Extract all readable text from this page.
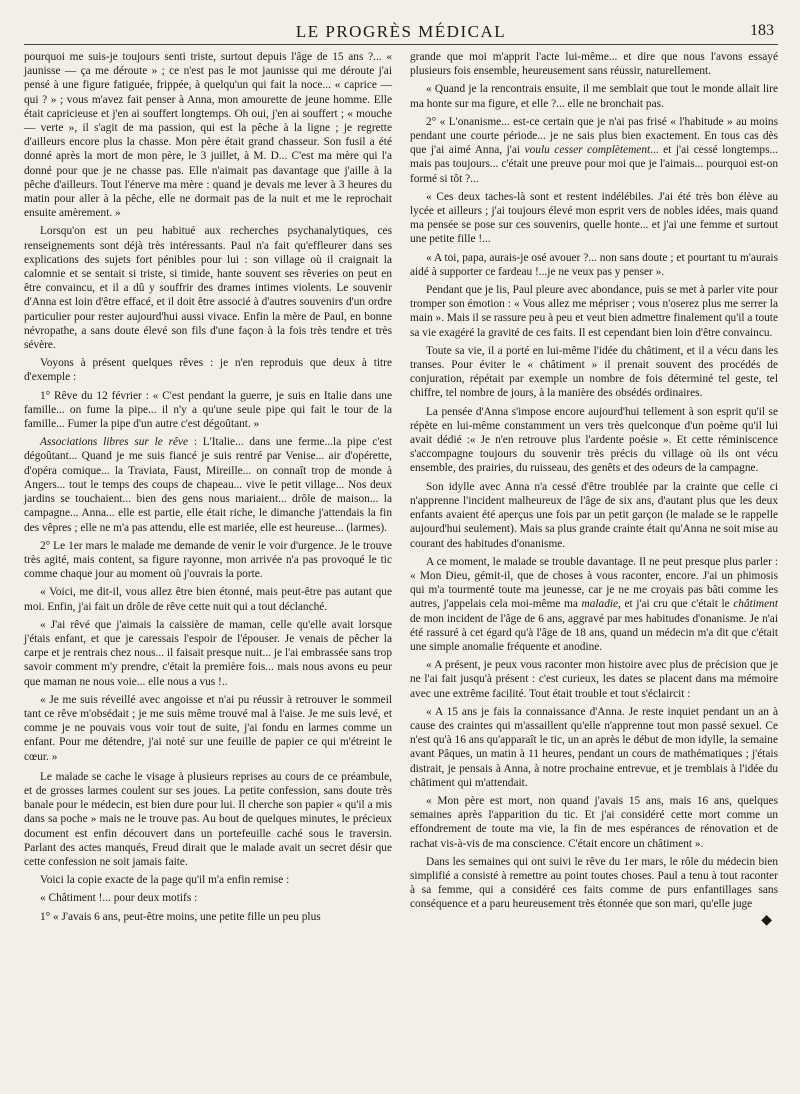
LE PROGRÈS MÉDICAL	183

pourquoi me suis-je toujours senti triste, surtout depuis l'âge de 15 ans ?... « jaunisse — ça me déroute » ; ce n'est pas le mot jaunisse qui me déroute j'ai pensé à une figure fatiguée, frippée, à quelqu'un qui fait la noce... « caprice — qui ? » ; vous m'avez fait penser à Anna, mon amourette de jeune homme. Elle était capricieuse et j'en ai souffert longtemps. Oh oui, j'en ai souffert ; « mouche — verte », il s'agit de ma passion, qui est la pêche à la ligne ; je regrette d'ailleurs encore plus la chasse. Mon père était grand chasseur. Son fusil a été donné après la mort de mon père, le 3 juillet, à M. D... C'est ma mère qui l'a donné pour que je ne chasse pas. Elle n'aimait pas davantage que j'aille à la pêche d'ailleurs. Tout l'énerve ma mère : quand je devais me lever à 3 heures du matin pour aller à la pêche, elle ne dormait pas de la nuit et me le reprochait ensuite amèrement. »

Lorsqu'on est un peu habitué aux recherches psychanalytiques, ces renseignements sont déjà très intéressants. Paul n'a fait qu'effleurer dans ses explications des sujets fort pénibles pour lui : son village où il craignait la calomnie et se sentait si triste, si timide, hante souvent ses rêveries on peut en être convaincu, et il a dû y souffrir des drames intimes violents. Le souvenir d'Anna est loin d'être effacé, et il doit être associé à d'autres souvenirs d'un ordre particulier pour rester aujourd'hui aussi vivace. Enfin la mère de Paul, en bonne névropathe, a sans doute élevé son fils d'une façon à la fois très tendre et très sévère.

Voyons à présent quelques rêves : je n'en reproduis que deux à titre d'exemple :

1° Rêve du 12 février : « C'est pendant la guerre, je suis en Italie dans une famille... on fume la pipe... il n'y a qu'une seule pipe qui fait le tour de la famille... Fumer la pipe d'un autre c'est dégoûtant. »

Associations libres sur le rêve : L'Italie... dans une ferme...la pipe c'est dégoûtant... Quand je me suis fiancé je suis rentré par Venise... air d'opérette, d'opéra comique... la Traviata, Faust, Mireille... on connaît trop de monde à Angers... tout le temps des coups de chapeau... vive le petit village... Nos deux jardins se touchaient... bien des gens nous mariaient... drôle de maison... la campagne... Anna... elle est partie, elle était riche, le dimanche j'attendais la fin des vêpres ; elle ne m'a pas attendu, elle est mariée, elle est heureuse... (larmes).

2° Le 1er mars le malade me demande de venir le voir d'urgence. Je le trouve très agité, mais content, sa figure rayonne, mon arrivée n'a pas provoqué le tic comme chaque jour au moment où j'ouvrais la porte.

« Voici, me dit-il, vous allez être bien étonné, mais peut-être pas autant que moi. Enfin, j'ai fait un drôle de rêve cette nuit qui a tout déclanché.

« J'ai rêvé que j'aimais la caissière de maman, celle qu'elle avait lorsque j'étais enfant, et que je caressais l'espoir de l'épouser. Je venais de pêcher la carpe et je rentrais chez nous... il faisait presque nuit... je l'ai embrassée sans trop savoir comment m'y prendre, c'était la première fois... mais nous avons eu peur que maman ne nous voie... elle nous a vus !..

« Je me suis réveillé avec angoisse et n'ai pu réussir à retrouver le sommeil tant ce rêve m'obsédait ; je me suis même trouvé mal à l'aise. Je me suis levé, et comme je ne pouvais vous voir tout de suite, j'ai fondu en larmes comme un enfant. Pour me détendre, j'ai noté sur une feuille de papier ce qui m'étreint le cœur. »

Le malade se cache le visage à plusieurs reprises au cours de ce préambule, et de grosses larmes coulent sur ses joues. La petite confession, sans doute très banale pour le médecin, est bien dure pour lui. Il cherche son papier « qu'il a mis dans sa poche » mais ne le trouve pas. Au bout de quelques minutes, le précieux document est enfin découvert dans un portefeuille caché sous le traversin. Parlant des actes manqués, Freud dirait que le malade avait un secret désir que cette confession ne soit jamais faite.

Voici la copie exacte de la page qu'il m'a enfin remise :

« Châtiment !... pour deux motifs :

1° « J'avais 6 ans, peut-être moins, une petite fille un peu plus

grande que moi m'apprit l'acte lui-même... et dire que nous l'avons essayé plusieurs fois ensemble, heureusement sans réussir, naturellement.

« Quand je la rencontrais ensuite, il me semblait que tout le monde allait lire ma honte sur ma figure, et elle ?... elle ne bronchait pas.

2° « L'onanisme... est-ce certain que je n'ai pas frisé « l'habitude » au moins pendant une courte période... je ne sais plus bien exactement. En tous cas dès que j'ai aimé Anna, j'ai voulu cesser complètement... et j'ai cessé longtemps... mais pas toujours... c'était une preuve pour moi que je l'aimais... pourquoi est-on formé si tôt ?...

« Ces deux taches-là sont et restent indélébiles. J'ai été très bon élève au lycée et ailleurs ; j'ai toujours élevé mon esprit vers de nobles idées, mais quand ma pensée se pose sur ces souvenirs, quelle honte... et j'ai une femme et surtout une petite fille !...

« A toi, papa, aurais-je osé avouer ?... non sans doute ; et pourtant tu m'aurais aidé à supporter ce fardeau !...je ne veux pas y penser ».

Pendant que je lis, Paul pleure avec abondance, puis se met à parler vite pour tromper son émotion : « Vous allez me mépriser ; vous n'oserez plus me serrer la main ». Mais il se rassure peu à peu et veut bien admettre finalement qu'il a toute sa vie exagéré la gravité de ces faits. Il est cependant bien loin d'être convaincu.

Toute sa vie, il a porté en lui-même l'idée du châtiment, et il a vécu dans les transes. Pour éviter le « châtiment » il prenait souvent des procédés de conjuration, répétait par exemple un nombre de fois déterminé tel geste, tel chiffre, tel nombre de jours, à la manière des obsédés ordinaires.

La pensée d'Anna s'impose encore aujourd'hui tellement à son esprit qu'il se répète en lui-même constamment un vers très quelconque d'un poème qu'il lui avait dédié :« Je n'en retrouve plus l'ardente poésie ». Et cette réminiscence s'accompagne toujours du souvenir très précis du village où ils ont vécu ensemble, des prairies, du ruisseau, des genêts et des odeurs de la campagne.

Son idylle avec Anna n'a cessé d'être troublée par la crainte que celle ci n'apprenne l'incident malheureux de l'âge de six ans, d'autant plus que les deux enfants avaient été aperçus une fois par un petit garçon (le malade se le rappelle aujourd'hui seulement). Mais sa plus grande crainte était qu'Anna ne soit mise au courant des habitudes d'onanisme.

A ce moment, le malade se trouble davantage. Il ne peut presque plus parler : « Mon Dieu, gémit-il, que de choses à vous raconter, encore. J'ai un phimosis qui m'a tourmenté toute ma jeunesse, car je ne me croyais pas bâti comme les autres, j'appelais cela moi-même ma maladie, et j'ai cru que c'était le châtiment de mon incident de l'âge de 6 ans, aggravé par mes habitudes d'onanisme. Je n'ai été rassuré à cet égard qu'à l'âge de 18 ans, quand un médecin m'a dit que c'était une simple anomalie fréquente et anodine.

« A présent, je peux vous raconter mon histoire avec plus de précision que je ne l'ai fait jusqu'à présent : c'est curieux, les dates se placent dans ma mémoire avec une extrême facilité. Tout était trouble et tout s'éclaircit :

« A 15 ans je fais la connaissance d'Anna. Je reste inquiet pendant un an à cause des craintes qui m'assaillent qu'elle n'apprenne tout mon passé sexuel. Ce n'est qu'à 16 ans qu'apparaît le tic, un an après le début de mon idylle, la semaine avant Pâques, un matin à 11 heures, pendant un cours de mathématiques ; j'étais distrait, je pensais à Anna, à notre prochaine entrevue, et je tremblais à l'idée du châtiment qui m'attendait.

« Mon père est mort, non quand j'avais 15 ans, mais 16 ans, quelques semaines après l'apparition du tic. Et j'ai considéré cette mort comme un effondrement de toute ma vie, la fin de mes espérances de rénovation et de rachat vis-à-vis de ma conscience. C'était encore un châtiment ».

Dans les semaines qui ont suivi le rêve du 1er mars, le rôle du médecin bien simplifié a consisté à remettre au point toutes choses. Paul a tenu à tout raconter à sa femme, qui a considéré ces faits comme de purs enfantillages sans conséquence et a paru heureusement très étonnée que son mari, qu'elle juge

◆
